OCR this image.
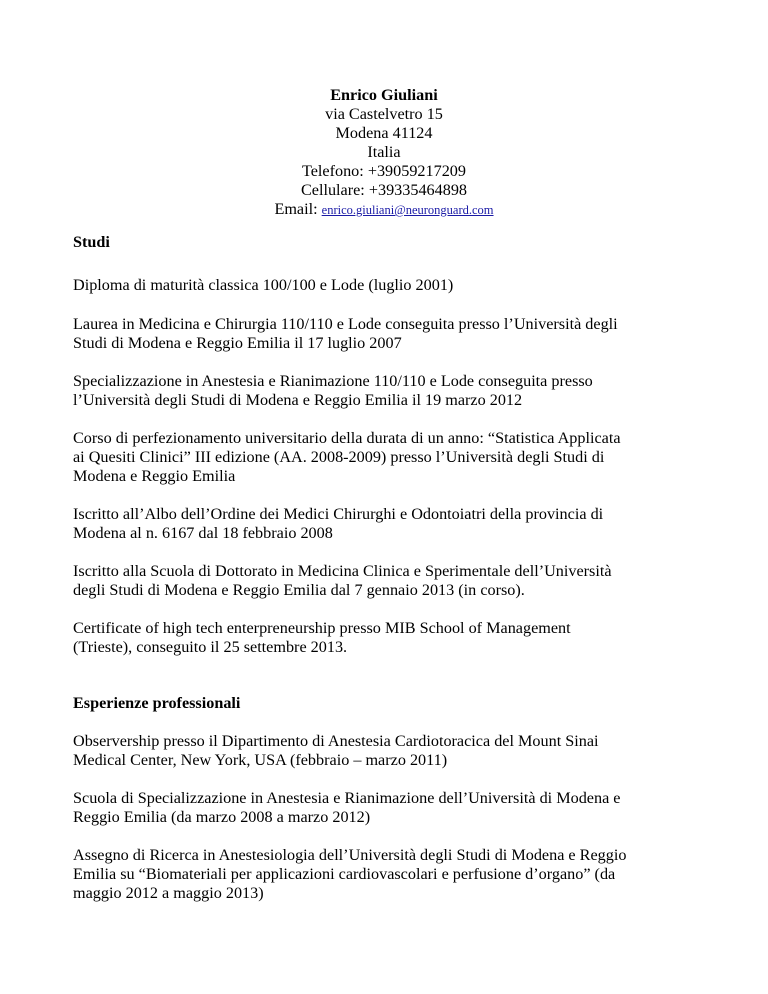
Enrico Giuliani
via Castelvetro 15
Modena 41124
Italia
Telefono: +39059217209
Cellulare: +39335464898
Email: enrico.giuliani@neuronguard.com
Studi

Diploma di maturità classica 100/100 e Lode (luglio 2001)

Laurea in Medicina e Chirurgia 110/110 e Lode conseguita presso l’Università degli

Studi di Modena e Reggio Emilia il 17 luglio 2007

Specializzazione in Anestesia e Rianimazione 110/110 e Lode conseguita presso

l’Università degli Studi di Modena e Reggio Emilia il 19 marzo 2012

Corso di perfezionamento universitario della durata di un anno: “Statistica Applicata

ai Quesiti Clinici” III edizione (AA. 2008-2009) presso l’Università degli Studi di

Modena e Reggio Emilia

Iscritto all’Albo dell’Ordine dei Medici Chirurghi e Odontoiatri della provincia di

Modena al n. 6167 dal 18 febbraio 2008

Iscritto alla Scuola di Dottorato in Medicina Clinica e Sperimentale dell’Università

degli Studi di Modena e Reggio Emilia dal 7 gennaio 2013 (in corso).

Certificate of high tech enterpreneurship presso MIB School of Management

(Trieste), conseguito il 25 settembre 2013.

Esperienze professionali

Observership presso il Dipartimento di Anestesia Cardiotoracica del Mount Sinai

Medical Center, New York, USA (febbraio – marzo 2011)

Scuola di Specializzazione in Anestesia e Rianimazione dell’Università di Modena e

Reggio Emilia (da marzo 2008 a marzo 2012)

Assegno di Ricerca in Anestesiologia dell’Università degli Studi di Modena e Reggio

Emilia su “Biomateriali per applicazioni cardiovascolari e perfusione d’organo” (da

maggio 2012 a maggio 2013)
